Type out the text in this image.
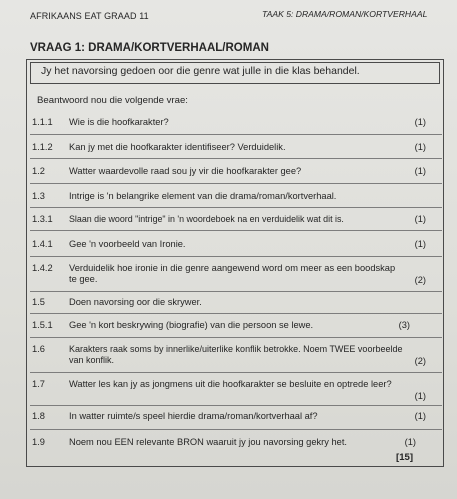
AFRIKAANS EAT GRAAD 11	TAAK 5: DRAMA/ROMAN/KORTVERHAAL
VRAAG 1: DRAMA/KORTVERHAAL/ROMAN
Jy het navorsing gedoen oor die genre wat julle in die klas behandel.
Beantwoord nou die volgende vrae:
1.1.1 Wie is die hoofkarakter?	(1)
1.1.2 Kan jy met die hoofkarakter identifiseer? Verduidelik.	(1)
1.2	Watter waardevolle raad sou jy vir die hoofkarakter gee?	(1)
1.3	Intrige is 'n belangrike element van die drama/roman/kortverhaal.
1.3.1 Slaan die woord "intrige" in 'n woordeboek na en verduidelik wat dit is.	(1)
1.4.1 Gee 'n voorbeeld van Ironie.	(1)
1.4.2 Verduidelik hoe ironie in die genre aangewend word om meer as een boodskap te gee.	(2)
1.5	Doen navorsing oor die skrywer.
1.5.1 Gee 'n kort beskrywing (biografie) van die persoon se lewe.	(3)
1.6	Karakters raak soms by innerlike/uiterlike konflik betrokke. Noem TWEE voorbeelde van konflik.	(2)
1.7	Watter les kan jy as jongmens uit die hoofkarakter se besluite en optrede leer?
(1)
1.8	In watter ruimte/s speel hierdie drama/roman/kortverhaal af?	(1)
1.9	Noem nou EEN relevante BRON waaruit jy jou navorsing gekry het.	(1)
[15]
